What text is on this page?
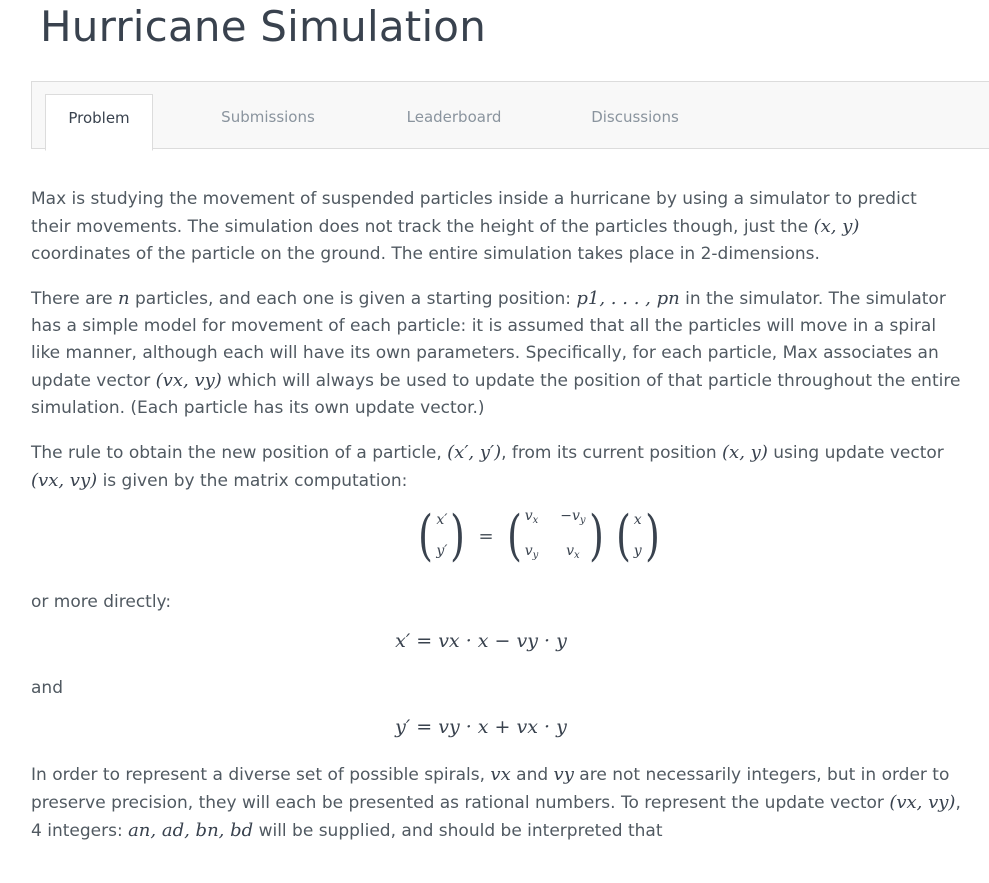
Hurricane Simulation
Problem	Submissions	Leaderboard	Discussions

Max is studying the movement of suspended particles inside a hurricane by using a simulator to predict their movements. The simulation does not track the height of the particles though, just the (x, y) coordinates of the particle on the ground. The entire simulation takes place in 2-dimensions.

There are n particles, and each one is given a starting position: p1, . . . , pn in the simulator. The simulator has a simple model for movement of each particle: it is assumed that all the particles will move in a spiral like manner, although each will have its own parameters. Specifically, for each particle, Max associates an update vector (vx, vy) which will always be used to update the position of that particle throughout the entire simulation. (Each particle has its own update vector.)

The rule to obtain the new position of a particle, (x′, y′), from its current position (x, y) using update vector (vx, vy) is given by the matrix computation:

( x′
y′ ) = ( $v_x -v_y$
$v_y$	$v_x$ ) ( x
y )

or more directly:

x′ = vx · x − vy · y

and

y′ = vy · x + vx · y

In order to represent a diverse set of possible spirals, vx and vy are not necessarily integers, but in order to preserve precision, they will each be presented as rational numbers. To represent the update vector (vx, vy), 4 integers: an, ad, bn, bd will be supplied, and should be interpreted that
